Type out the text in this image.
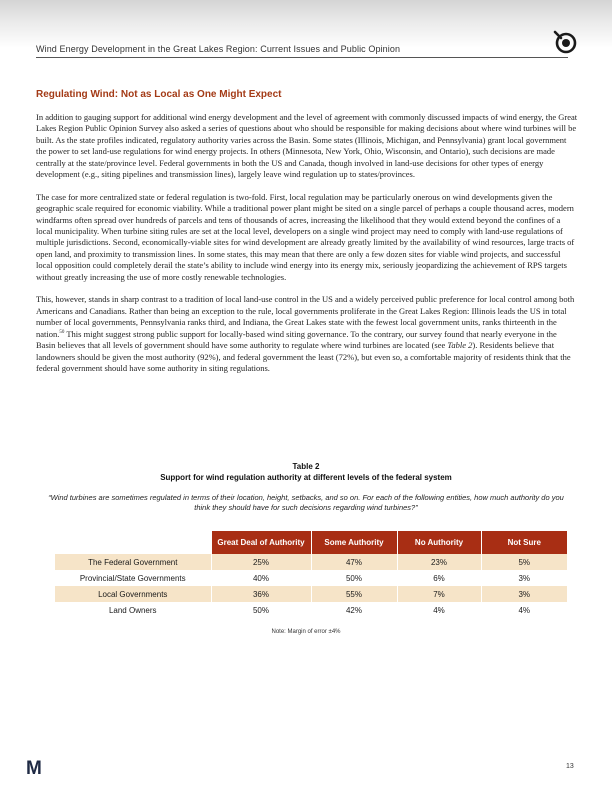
Wind Energy Development in the Great Lakes Region: Current Issues and Public Opinion
Regulating Wind: Not as Local as One Might Expect

In addition to gauging support for additional wind energy development and the level of agreement with commonly discussed impacts of wind energy, the Great Lakes Region Public Opinion Survey also asked a series of questions about who should be responsible for making decisions about where wind turbines will be built. As the state profiles indicated, regulatory authority varies across the Basin. Some states (Illinois, Michigan, and Pennsylvania) grant local government the power to set land-use regulations for wind energy projects. In others (Minnesota, New York, Ohio, Wisconsin, and Ontario), such decisions are made centrally at the state/province level. Federal governments in both the US and Canada, though involved in land-use decisions for other types of energy development (e.g., siting pipelines and transmission lines), largely leave wind regulation up to states/provinces.

The case for more centralized state or federal regulation is two-fold. First, local regulation may be particularly onerous on wind developments given the geographic scale required for economic viability. While a traditional power plant might be sited on a single parcel of perhaps a couple thousand acres, modern windfarms often spread over hundreds of parcels and tens of thousands of acres, increasing the likelihood that they would extend beyond the confines of a local municipality. When turbine siting rules are set at the local level, developers on a single wind project may need to comply with land-use regulations of multiple jurisdictions. Second, economically-viable sites for wind development are already greatly limited by the availability of wind resources, large tracts of open land, and proximity to transmission lines. In some states, this may mean that there are only a few dozen sites for viable wind projects, and successful local opposition could completely derail the state’s ability to include wind energy into its energy mix, seriously jeopardizing the achievement of RPS targets without greatly increasing the use of more costly renewable technologies.

This, however, stands in sharp contrast to a tradition of local land-use control in the US and a widely perceived public preference for local control among both Americans and Canadians. Rather than being an exception to the rule, local governments proliferate in the Great Lakes Region: Illinois leads the US in total number of local governments, Pennsylvania ranks third, and Indiana, the Great Lakes state with the fewest local government units, ranks thirteenth in the nation.$^{50}$ This might suggest strong public support for locally-based wind siting governance. To the contrary, our survey found that nearly everyone in the Basin believes that all levels of government should have some authority to regulate where wind turbines are located (see Table 2). Residents believe that landowners should be given the most authority (92%), and federal government the least (72%), but even so, a comfortable majority of residents think that the federal government should have some authority in siting regulations.

Table 2
Support for wind regulation authority at different levels of the federal system
“Wind turbines are sometimes regulated in terms of their location, height, setbacks, and so on. For each of the following entities, how much authority do you think they should have for such decisions regarding wind turbines?”
	Great Deal of Authority	Some Authority	No Authority	Not Sure
The Federal Government	25%	47%	23%	5%
Provincial/State Governments	40%	50%	6%	3%
Local Governments	36%	55%	7%	3%
Land Owners	50%	42%	4%	4%
Note: Margin of error ±4%
M	13
